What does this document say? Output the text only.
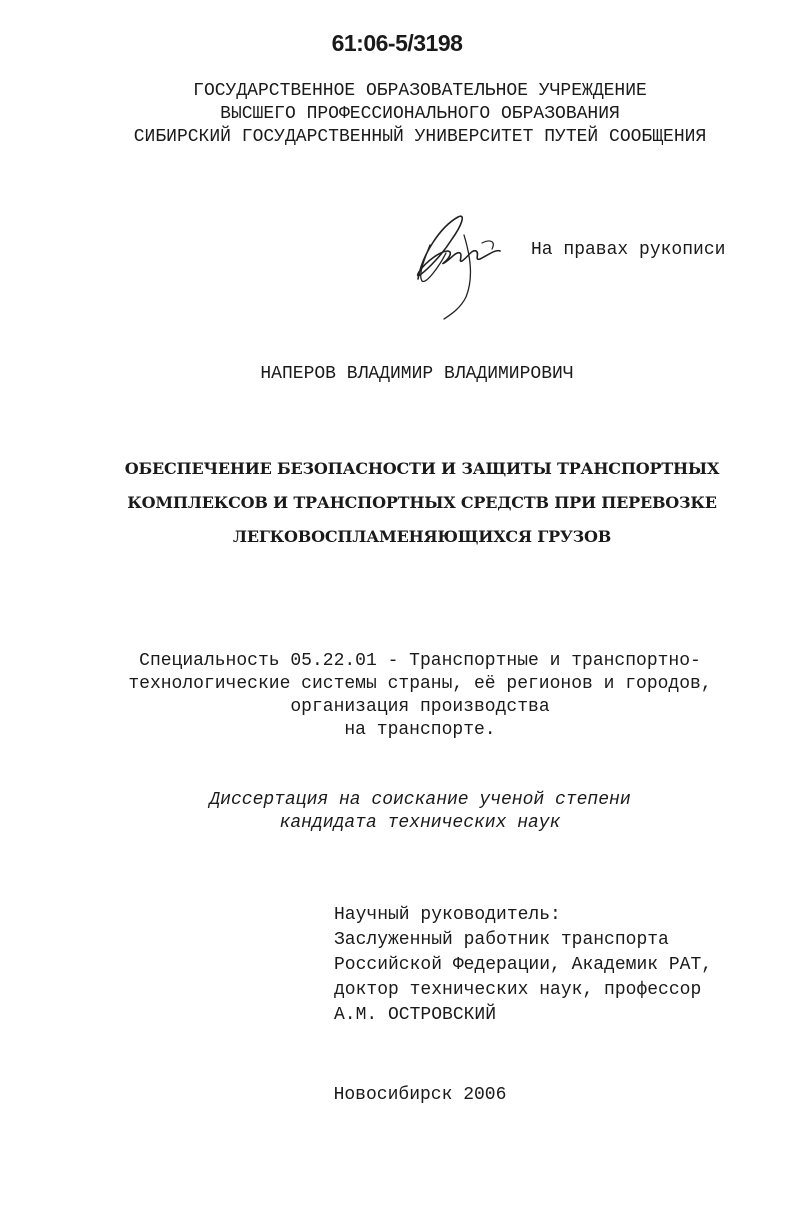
61:06-5/3198
ГОСУДАРСТВЕННОЕ ОБРАЗОВАТЕЛЬНОЕ УЧРЕЖДЕНИЕ
ВЫСШЕГО ПРОФЕССИОНАЛЬНОГО ОБРАЗОВАНИЯ
СИБИРСКИЙ ГОСУДАРСТВЕННЫЙ УНИВЕРСИТЕТ ПУТЕЙ СООБЩЕНИЯ
На правах рукописи
НАПЕРОВ ВЛАДИМИР ВЛАДИМИРОВИЧ
ОБЕСПЕЧЕНИЕ БЕЗОПАСНОСТИ И ЗАЩИТЫ ТРАНСПОРТНЫХ
КОМПЛЕКСОВ И ТРАНСПОРТНЫХ СРЕДСТВ ПРИ ПЕРЕВОЗКЕ
ЛЕГКОВОСПЛАМЕНЯЮЩИХСЯ ГРУЗОВ
Специальность 05.22.01 - Транспортные и транспортно-
технологические системы страны, её регионов и городов,
организация производства
на транспорте.
Диссертация на соискание ученой степени
кандидата технических наук
Научный руководитель:
Заслуженный работник транспорта
Российской Федерации, Академик РАТ,
доктор технических наук, профессор
А.М. ОСТРОВСКИЙ
Новосибирск 2006
